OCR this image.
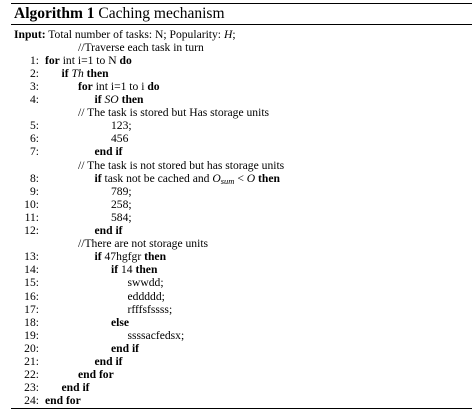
Algorithm 1 Caching mechanism
Input: Total number of tasks: N; Popularity: H;
//Traverse each task in turn
1: for int i=1 to N do
2: if Th then
3:	for int i=1 to i do
4:	if SO then
// The task is stored but Has storage units
5:	123;
6:	456
7:	end if
// The task is not stored but has storage units
8:	if task not be cached and $O_{sum} < O$ then
9:	789;
10:	258;
11:	584;
12:	end if
//There are not storage units
13:	if 47hgfgr then
14:	if 14 then
15:	swwdd;
16:	eddddd;
17:	rfffsfssss;
18:	else
19:	ssssacfedsx;
20:	end if
21:	end if
22:	end for
23: end if
24: end for
